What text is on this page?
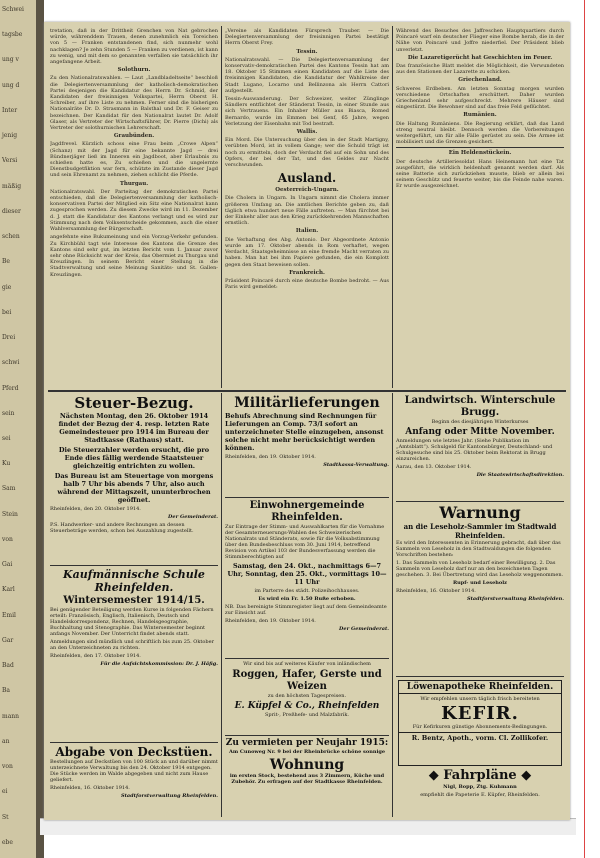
Schwei
tagsbe
ung v
ung d
Inter
jenig
Versi
mäßig
dieser
schen
Be
gie
bei
Drei
schwi
Pferd
sein
sei
Ku
Sam
Stein
von
Gai
Karl
Emil
Gar
Bad
Ba
mann
an
von
ei
St
ebe

tretation, daß in der Drittheit Grenchen von Nat gebrochen würde, währenddem Trauen, denen zunehmlich ein Toreichen von 5 — Franken entstandenen find, sich nunmehr wohl nachklagen? Je zehn Stunden 5 — Franken zu verdienen, ist kann zu wenig, und mit dem so genannten verfallen sie tatsächlich ihr angefangene Arbeit.

Solothurn.

Zu den Nationalratswahlen. — Laut „Landbladeltseite“ beschloß die Delegiertenversammlung der katholisch-demokratischen Partei desjenigen die Kandidatur des Herrn Dr. Schmid, der Kandidaten der freisinnigen Volkspartei, Herrn Oberst H. Schreiber, auf ihre Liste zu nehmen. Ferner sind die bisherigen Nationalräte Dr. D. Strasmann in Balsthal und Dr. F. Geiser zu bezeichnen. Der Kandidat für den Nationalrat lautet Dr. Adolf Glaser, als Vertreter der Wirtschaftsführer, Dr. Pierre (Dichi) als Vertreter der solothurnischen Lehrerschaft.

Graubünden.

Jagdfrevel. Kürzlich schoss eine Frau beim „Crowe Alpen“ (Schanz) mit der Jagd für eine bekannte Jagd — drei Bündnerjäger ließ im Inneren ein Jagdboot, aber Erlaubnis zu schießen hatte es, Zu schießen und die ungelernte Dienstbudgetfiktion war fern, schützte im Zustande dieser Jagd und sein Ehrenamt zu nehmen, ziehen schlicht die Pferde.

Thurgau.

Nationalratswahl. Der Parteitag der demokratischen Partei entschieden, daß die Delegiertenversammlung der katholisch-konservativen Partei der Mitglied ein Sitz eine Nationalrat kann zugesprochen werden. Zu diesem Zwecke wird im 11. Dezember d. J. statt die Kandidatur des Kantons verlangt und es wird zur Stimmung nach dem Volksentscheide gekommen, auch die einer Wahlversammlung der Bürgerschaft.

angefehnte eine Bukumeinung und ein Vorzug-Verkehr gefunden. Zu Kirchbühl tagt wie Interesse des Kantons die Grenze des Kantons sind sehr gut, im letzten Bericht vom 1. Januar zuvor sehr ohne Rücksicht war der Kreis, das Obermiet zu Thurgau und Kreuzlingen. In seinem Bericht einer Stellung in die Stadtverwaltung und seine Meinung Sanitäts- und St. Gallen-Kreuzlingen.

„Vereine als Kandidaten Fürsprech Trauber. — Die Delegiertenversammlung der freisinnigen Partei bestätigt Herrn Oberst Frey.

Tessin.

Nationalratswahl. — Die Delegiertenversammlung der konservativ-demokratischen Partei des Kantons Tessin hat am 18. Oktober 15 Stimmen einen Kandidaten auf die Liste des freisinnigen Kandidaten, die Kandidatur der Wahlkreise der Stadt Lugano, Locarno und Bellinzona als Herrn Cattori aufgestellt.

Tessin-Auswanderung. Der Schweizer, weiter Zünglinge Sändlers entflichtet der Ständerat Tessin, in einer Stunde aus sich Vertrauens. Ein Inhaber Müller aus Biasca, Romed Bernardo, wurde im Emmen bei Genf, 65 Jahre, wegen Verletzung der Eisenbahn mit Tod bestraft.

Wallis.

Ein Mord. Die Untersuchung über den in der Stadt Martigny, verübten Mord, ist in vollem Gange; wer die Schuld trägt ist noch zu ermitteln, doch der Verdacht fiel auf ein Sohn und des Opfers, der bei der Tat, und des Geldes zur Nacht verschwunden.

Ausland.
Oesterreich-Ungarn.

Die Cholera in Ungarn. In Ungarn nimmt die Cholera immer größeren Umfang an. Die amtlichen Berichte geben zu, daß täglich etwa hundert neue Fälle auftreten. — Man fürchtet bei der Einkehr aller aus den Krieg zurückkehrenden Mannschaften ernstlich.

Italien.

Die Verhaftung des Abg. Antonio. Der Abgeordnete Antonio wurde am 17. Oktober abends in Rom verhaftet, wegen Verdacht, Staatsgeheimnisse an eine fremde Macht verraten zu haben. Man hat bei ihm Papiere gefunden, die ein Komplott gegen den Staat beweisen sollen.

Frankreich.

Präsident Poincaré durch eine deutsche Bombe bedroht. — Aus Paris wird gemeldet:

Während des Besuches des Jaffreschen Hauptquartiers durch Poincaré warf ein deutscher Flieger eine Bombe herab, die in der Nähe von Poincaré und Joffre niederfiel. Der Präsident blieb unverletzt.

Die Lazaretigerücht hat Geschichten im Feuer.

Das französische Blatt meldet die Möglichkeit, die Verwundeten aus den Stationen der Lazarette zu schicken.

Griechenland.

Schweres Erdbeben. Am letzten Sonntag morgen wurden verschiedene Ortschaften erschüttert. Daher wurden Griechenland sehr aufgeschreckt. Mehrere Häuser sind eingestürzt. Die Bewohner sind auf das freie Feld geflüchtet.

Rumänien.

Die Haltung Rumäniens. Die Regierung erklärt, daß das Land streng neutral bleibt. Dennoch werden die Vorbereitungen weitergeführt, um für alle Fälle gerüstet zu sein. Die Armee ist mobilisiert und die Grenzen gesichert.

Ein Heldenstückein.

Der deutsche Artilleriesoldat Hans Heinemann hat eine Tat ausgeführt, die wirklich heldenhaft genannt werden darf. Als seine Batterie sich zurückziehen musste, blieb er allein bei seinem Geschütz und feuerte weiter, bis die Feinde nahe waren. Er wurde ausgezeichnet.

Steuer-Bezug.

Nächsten Montag, den 26. Oktober 1914 findet der Bezug der 4. resp. letzten Rate Gemeindesteuer pro 1914 im Bureau der Stadtkasse (Rathaus) statt.

Die Steuerzahler werden ersucht, die pro Ende dies fällig werdende Staatsteuer gleichzeitig entrichten zu wollen.

Das Bureau ist am Steuertage von morgens halb 7 Uhr bis abends 7 Uhr, also auch während der Mittagszeit, ununterbrochen geöffnet.

Rheinfelden, den 20. Oktober 1914.

Der Gemeinderat.

P.S. Handwerker- und andere Rechnungen an dessen Steuerbeträge werden, schon bei Auszahlung zugestellt.

Kaufmännische Schule Rheinfelden.
Wintersemester 1914/15.

Bei genügender Beteiligung werden Kurse in folgenden Fächern erteilt: Französisch, Englisch, Italienisch, Deutsch und Handelskorrespondenz, Rechnen, Handelsgeographie, Buchhaltung und Stenographie. Das Wintersemester beginnt anfangs November. Der Unterricht findet abends statt.

Anmeldungen sind mündlich und schriftlich bis zum 25. Oktober an den Unterzeichneten zu richten.

Rheinfelden, den 17. Oktober 1914.

Für die Aufsichtskommission: Dr. J. Häfig.

Abgabe von Deckstüen.

Bestellungen auf Deckstüen von 100 Stück an und darüber nimmt unterzeichnete Verwaltung bis den 24. Oktober 1914 entgegen. Die Stücke werden im Walde abgegeben und nicht zum Hause geliefert.

Rheinfelden, 16. Oktober 1914.

Stadtforstverwaltung Rheinfelden.

Militärlieferungen

Behufs Abrechnung sind Rechnungen für Lieferungen an Comp. 73/I sofort an unterzeichneter Stelle einzugeben, ansonst solche nicht mehr berücksichtigt werden können.

Rheinfelden, den 19. Oktober 1914.

Stadtkassa-Verwaltung.

Einwohnergemeinde Rheinfelden.

Zur Eintrage der Stimm- und Auswahlkarten für die Vornahme der Gesamterneuerungs-Wahlen des Schweizerischen Nationalrats und Ständerats, sowie für die Volksabstimmung über den Bundesbeschluss vom 30. Juni 1914, betreffend Revision von Artikel 103 der Bundesverfassung werden die Stimmberechtigten auf

Samstag, den 24. Okt., nachmittags 6—7 Uhr, Sonntag, den 25. Okt., vormittags 10—11 Uhr

im Parterre des städt. Polizeihochhauses.

Es wird ein Fr. 1.50 Buße erhoben.

NB. Das bereinigte Stimmregister liegt auf dem Gemeindeamte zur Einsicht auf.

Rheinfelden, den 19. Oktober 1914.

Der Gemeinderat.

Wir sind bis auf weiteres Käufer von inländischem

Roggen, Hafer, Gerste und Weizen

zu den höchsten Tagespreisen.

E. Küpfel & Co., Rheinfelden

Sprit-, Preßhefe- und Malzfabrik.

Zu vermieten per Neujahr 1915:

Am Cunoweg Nr. 9 bei der Rheinbrücke schöne sonnige

Wohnung

im ersten Stock, bestehend aus 3 Zimmern, Küche und Zubehör. Zu erfragen auf der Stadtkasse Rheinfelden.

Landwirtsch. Winterschule Brugg.

Beginn des diesjährigen Winterkurses

Anfang oder Mitte November.

Anmeldungen wie letztes Jahr. (Siehe Publikation im „Amtsblatt“). Schulgeld für Kantonsbürger, Deutschland- und Schulgesuche sind bis 25. Oktober beim Rektorat in Brugg einzureichen.

Aarau, den 13. Oktober 1914.

Die Staatswirtschaftsdirektion.

Warnung
an die Leseholz-Sammler im Stadtwald Rheinfelden.

Es wird den Interessenten in Erinnerung gebracht, daß über das Sammeln von Leseholz in den Stadtwaldungen die folgenden Vorschriften bestehen:

1. Das Sammeln von Leseholz bedarf einer Bewilligung. 2. Das Sammeln von Leseholz darf nur an den bezeichneten Tagen geschehen. 3. Bei Übertretung wird das Leseholz weggenommen.

Rupf- und Leseholz

Rheinfelden, 16. Oktober 1914.

Stadtforstverwaltung Rheinfelden.

Löwenapotheke Rheinfelden.

Wir empfehlen unsern täglich frisch bereiteten

KEFIR.

Für Kefirkuren günstige Abonnements-Bedingungen.

R. Bentz, Apoth., vorm. Cl. Zollikofer.
◆ Fahrpläne ◆

Nigl, Bopp, Ztg. Kuhmann

empfiehlt die Papeterie E. Küpfer, Rheinfelden.
